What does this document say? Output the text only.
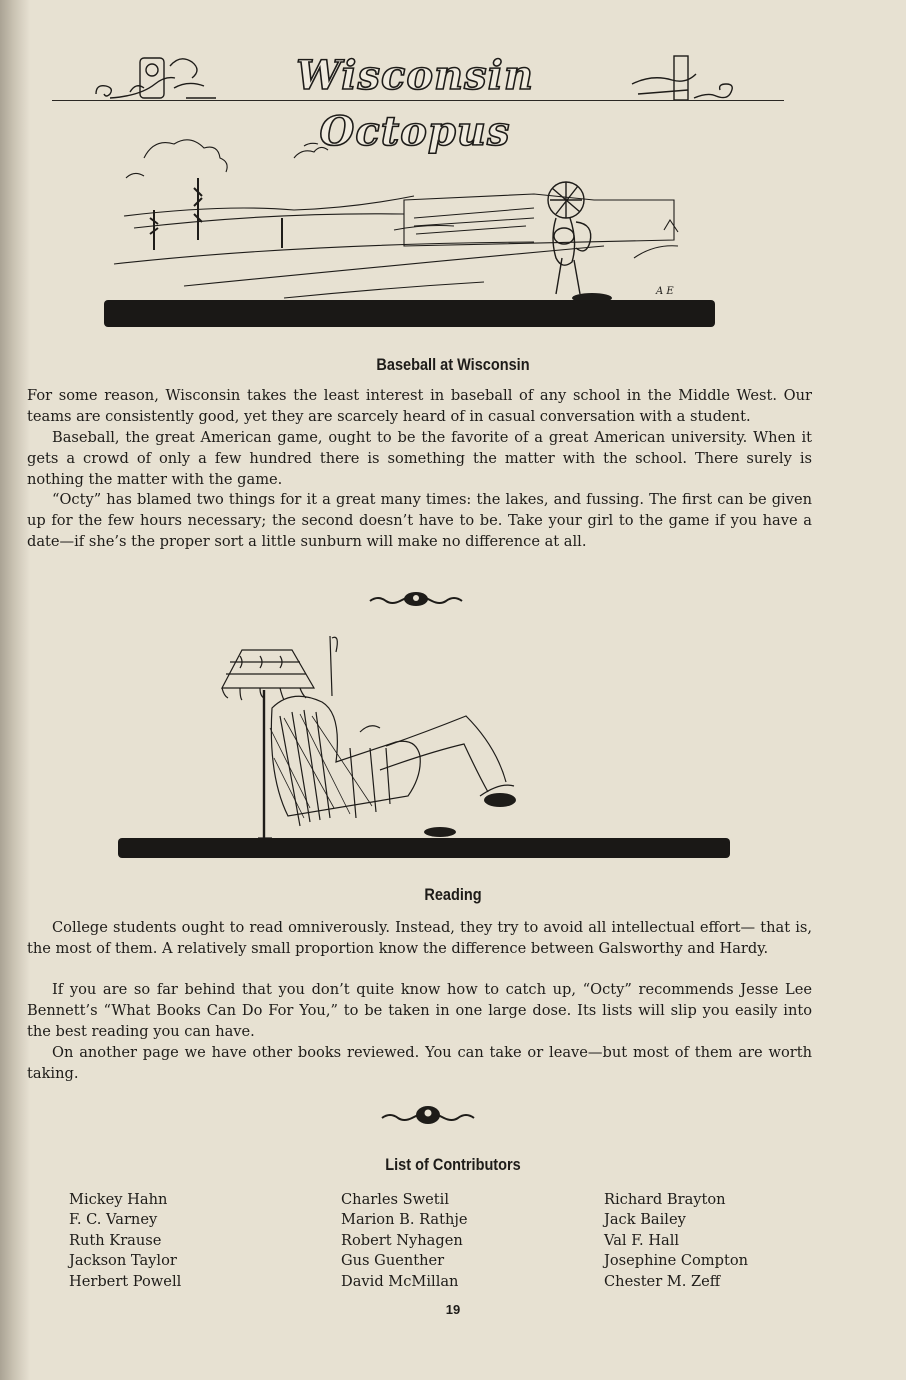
Wisconsin Octopus
A E
Baseball at Wisconsin
For some reason, Wisconsin takes the least interest in baseball of any school in the Middle West. Our teams are consistently good, yet they are scarcely heard of in casual conversation with a student.
Baseball, the great American game, ought to be the favorite of a great American university. When it gets a crowd of only a few hundred there is something the matter with the school. There surely is nothing the matter with the game.
“Octy” has blamed two things for it a great many times: the lakes, and fussing. The first can be given up for the few hours necessary; the second doesn’t have to be. Take your girl to the game if you have a date—if she’s the proper sort a little sunburn will make no difference at all.
Reading
College students ought to read omniverously. Instead, they try to avoid all intellectual effort— that is, the most of them. A relatively small proportion know the difference between Galsworthy and Hardy.
If you are so far behind that you don’t quite know how to catch up, “Octy” recommends Jesse Lee Bennett’s “What Books Can Do For You,” to be taken in one large dose. Its lists will slip you easily into the best reading you can have.
On another page we have other books reviewed. You can take or leave—but most of them are worth taking.
List of Contributors
Mickey Hahn
F. C. Varney
Ruth Krause
Jackson Taylor
Herbert Powell
Charles Swetil
Marion B. Rathje
Robert Nyhagen
Gus Guenther
David McMillan
Richard Brayton
Jack Bailey
Val F. Hall
Josephine Compton
Chester M. Zeff
19
